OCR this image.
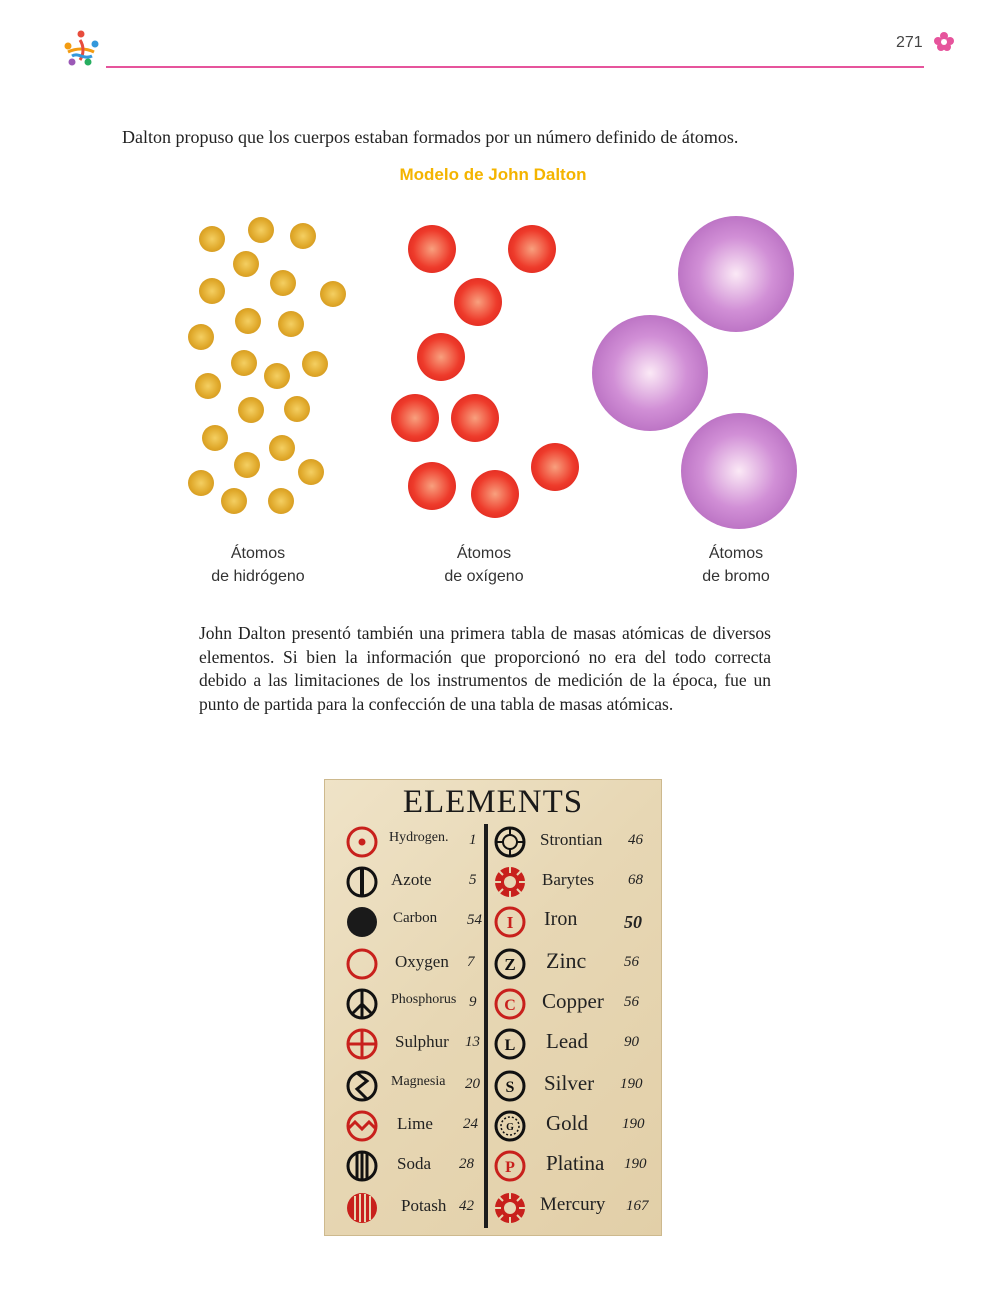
271
Dalton propuso que los cuerpos estaban formados por un número definido de átomos.
Modelo de John Dalton
Átomos
de hidrógeno
Átomos
de oxígeno
Átomos
de bromo
John Dalton presentó también una primera tabla de masas atómicas de diversos elementos. Si bien la información que proporcionó no era del todo correcta debido a las limitaciones de los instrumentos de medición de la época, fue un punto de partida para la confección de una tabla de masas atómicas.
ELEMENTS
Hydrogen. 1
Azote 5
Carbon 54
Oxygen 7
Phosphorus 9
Sulphur 13
Magnesia 20
Lime 24
Soda 28
Potash 42
Strontian 46
Barytes 68
I Iron	50
Z Zinc	56
C Copper 56
L Lead 90
S Silver 190
G Gold 190
P Platina 190
Mercury 167
